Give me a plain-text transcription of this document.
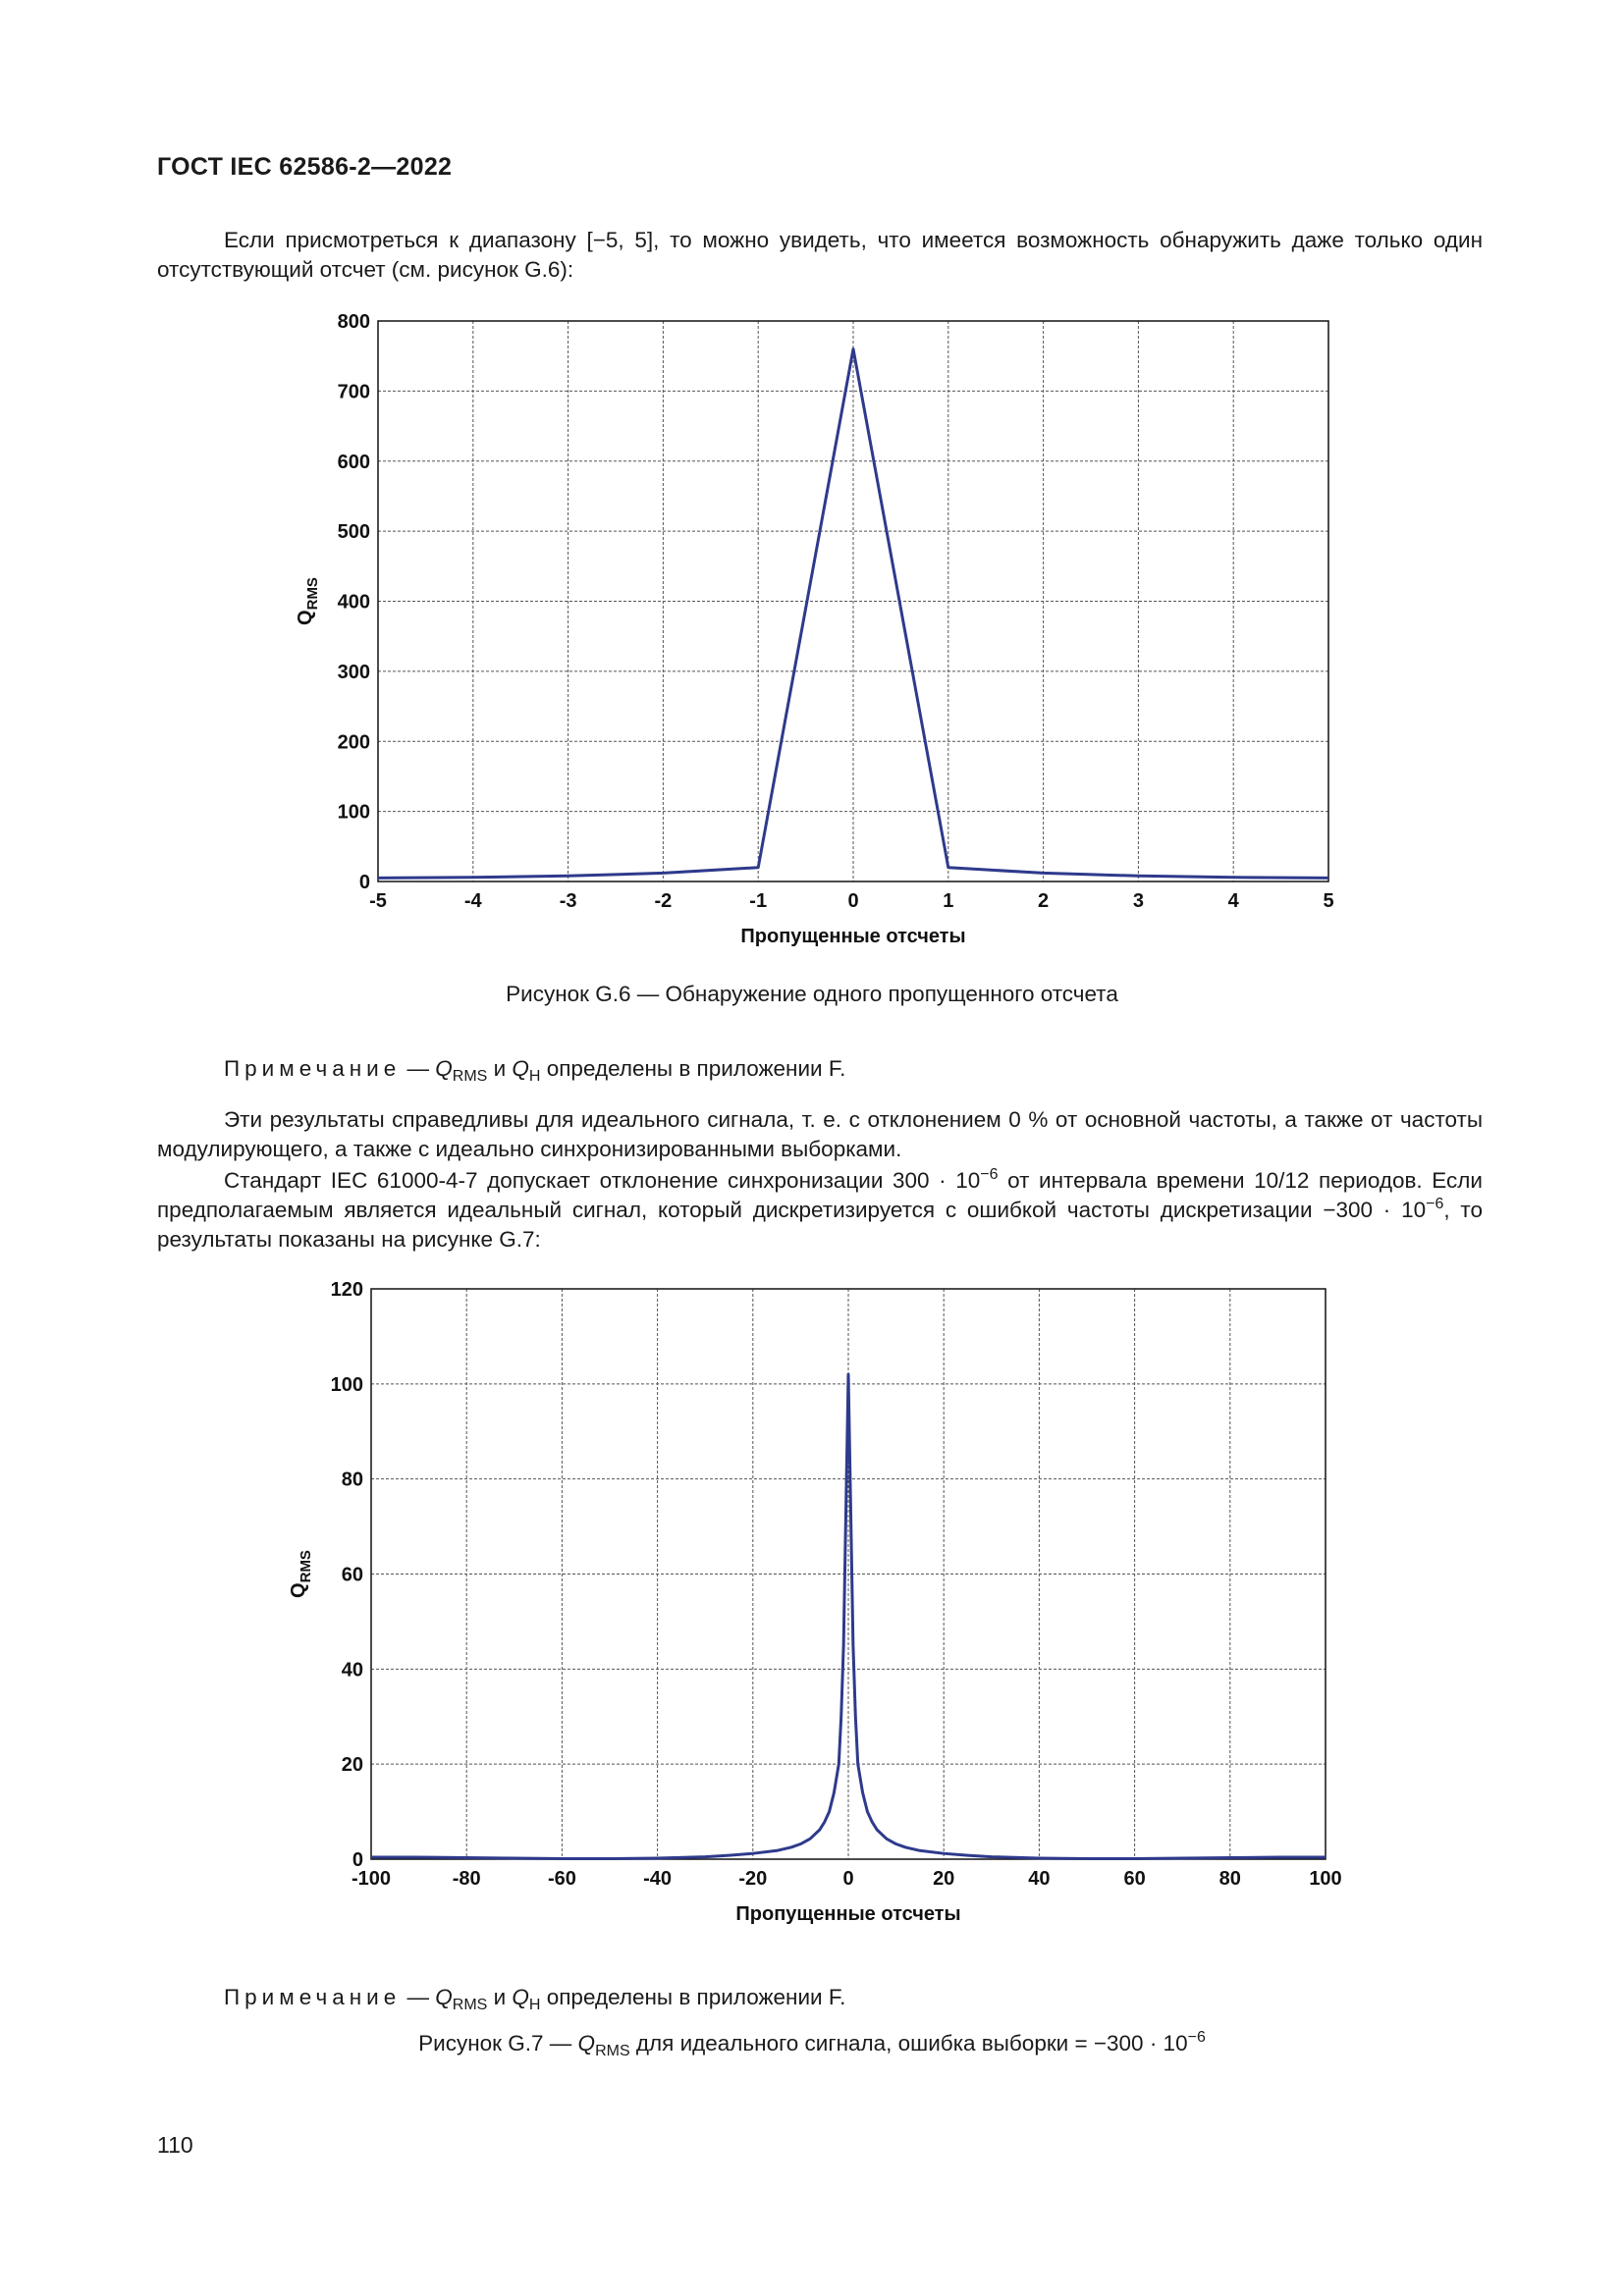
ГОСТ IEC 62586-2—2022
Если присмотреться к диапазону [−5, 5], то можно увидеть, что имеется возможность обнаружить даже только один отсутствующий отсчет (см. рисунок G.6):
-5	-4	-3	-2	-1	0	1	2	3	4	5
0
100
200
300
400
500
600
700
800
Пропущенные отсчеты
$Q_{RMS}$
Рисунок G.6 — Обнаружение одного пропущенного отсчета
Примечание — $Q_{RMS}$ и $Q_H$ определены в приложении F.
Эти результаты справедливы для идеального сигнала, т. е. с отклонением 0 % от основной частоты, а также от частоты модулирующего, а также с идеально синхронизированными выборками.
Стандарт IEC 61000-4-7 допускает отклонение синхронизации $300 \cdot 10^{-6}$ от интервала времени 10/12 периодов. Если предполагаемым является идеальный сигнал, который дискретизируется с ошибкой частоты дискретизации $-300 \cdot 10^{-6}$, то результаты показаны на рисунке G.7:
-100	-80	-60	-40	-20	0	20	40	60	80	100
0
20
40
60
80
100
120
Пропущенные отсчеты
$Q_{RMS}$
Примечание — $Q_{RMS}$ и $Q_H$ определены в приложении F.
Рисунок G.7 — $Q_{RMS}$ для идеального сигнала, ошибка выборки = $-300 \cdot 10^{-6}$
110
